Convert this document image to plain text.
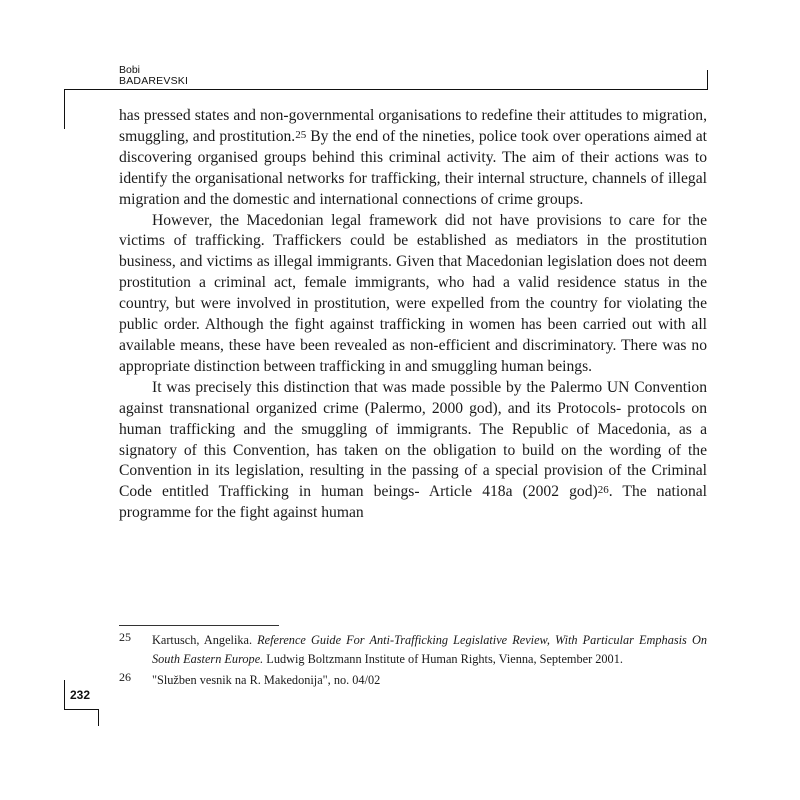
Bobi
BADAREVSKI

has pressed states and non-governmental organisations to redefine their attitudes to migration, smuggling, and prostitution.$^{25}$ By the end of the nineties, police took over operations aimed at discovering organised groups behind this criminal activity. The aim of their actions was to identify the organisational networks for trafficking, their internal structure, channels of illegal migration and the domestic and international connections of crime groups.

However, the Macedonian legal framework did not have provisions to care for the victims of trafficking. Traffickers could be established as mediators in the prostitution business, and victims as illegal immigrants. Given that Macedonian legislation does not deem prostitution a criminal act, female immigrants, who had a valid residence status in the country, but were involved in prostitution, were expelled from the country for violating the public order. Although the fight against trafficking in women has been carried out with all available means, these have been revealed as non-efficient and discriminatory. There was no appropriate distinction between trafficking in and smuggling human beings.

It was precisely this distinction that was made possible by the Palermo UN Convention against transnational organized crime (Palermo, 2000 god), and its Protocols- protocols on human trafficking and the smuggling of immigrants. The Republic of Macedonia, as a signatory of this Convention, has taken on the obligation to build on the wording of the Convention in its legislation, resulting in the passing of a special provision of the Criminal Code entitled Trafficking in human beings- Article 418a (2002 god)$^{26}$. The national programme for the fight against human

25 Kartusch, Angelika. Reference Guide For Anti-Trafficking Legislative Review, With Particular Emphasis On South Eastern Europe. Ludwig Boltzmann Institute of Human Rights, Vienna, September 2001.
26 "Služben vesnik na R. Makedonija", no. 04/02
232
